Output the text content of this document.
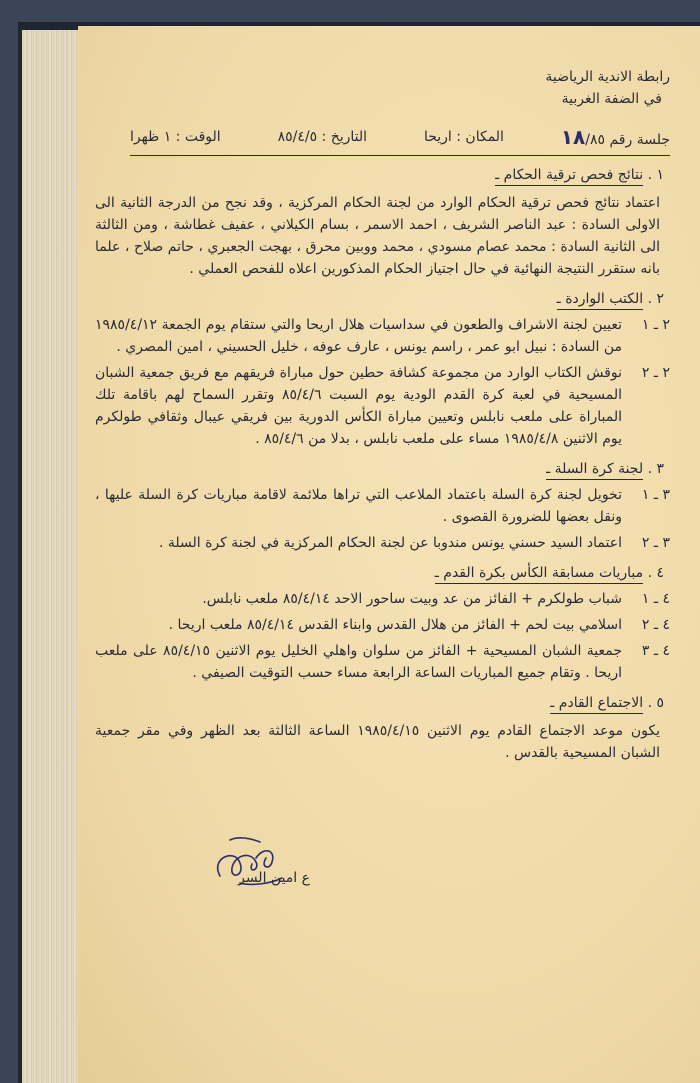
رابطة الاندية الرياضية
في الضفة الغربية
جلسة رقم ١٨/٨٥
المكان : اريحا
التاريخ : ٨٥/٤/٥
الوقت : ١ ظهرا
١ . نتائج فحص ترقية الحكام ـ
اعتماد نتائج فحص ترقية الحكام الوارد من لجنة الحكام المركزية ، وقد نجح من الدرجة الثانية الى الاولى السادة : عبد الناصر الشريف ، احمد الاسمر ، بسام الكيلاني ، عفيف غطاشة ، ومن الثالثة الى الثانية السادة : محمد عصام مسودي ، محمد ووبين محرق ، بهجت الجعبري ، حاتم صلاح ، علما بانه ستقرر النتيجة النهائية في حال اجتياز الحكام المذكورين اعلاه للفحص العملي .
٢ . الكتب الواردة ـ
٢ ـ ١
تعيين لجنة الاشراف والطعون في سداسيات هلال اريحا والتي ستقام يوم الجمعة ١٩٨٥/٤/١٢ من السادة : نبيل ابو عمر ، راسم يونس ، عارف عوفه ، خليل الحسيني ، امين المصري .
٢ ـ ٢
نوقش الكتاب الوارد من مجموعة كشافة حطين حول مباراة فريقهم مع فريق جمعية الشبان المسيحية في لعبة كرة القدم الودية يوم السبت ٨٥/٤/٦ وتقرر السماح لهم باقامة تلك المباراة على ملعب نابلس وتعيين مباراة الكأس الدورية بين فريقي عيبال وثقافي طولكرم يوم الاثنين ١٩٨٥/٤/٨ مساء على ملعب نابلس ، بدلا من ٨٥/٤/٦ .
٣ . لجنة كرة السلة ـ
٣ ـ ١
تخويل لجنة كرة السلة باعتماد الملاعب التي تراها ملائمة لاقامة مباريات كرة السلة عليها ، ونقل بعضها للضرورة القصوى .
٣ ـ ٢
اعتماد السيد حسني يونس مندوبا عن لجنة الحكام المركزية في لجنة كرة السلة .
٤ . مباريات مسابقة الكأس بكرة القدم ـ
٤ ـ ١
شباب طولكرم + الفائز من عد وبيت ساحور الاحد ٨٥/٤/١٤ ملعب نابلس.
٤ ـ ٢
اسلامي بيت لحم + الفائز من هلال القدس وابناء القدس ٨٥/٤/١٤ ملعب اريحا .
٤ ـ ٣
جمعية الشبان المسيحية + الفائز من سلوان واهلي الخليل يوم الاثنين ٨٥/٤/١٥ على ملعب اريحا . وتقام جميع المباريات الساعة الرابعة مساء حسب التوقيت الصيفي .
٥ . الاجتماع القادم ـ
يكون موعد الاجتماع القادم يوم الاثنين ١٩٨٥/٤/١٥ الساعة الثالثة بعد الظهر وفي مقر جمعية الشبان المسيحية بالقدس .
ع امين السر
